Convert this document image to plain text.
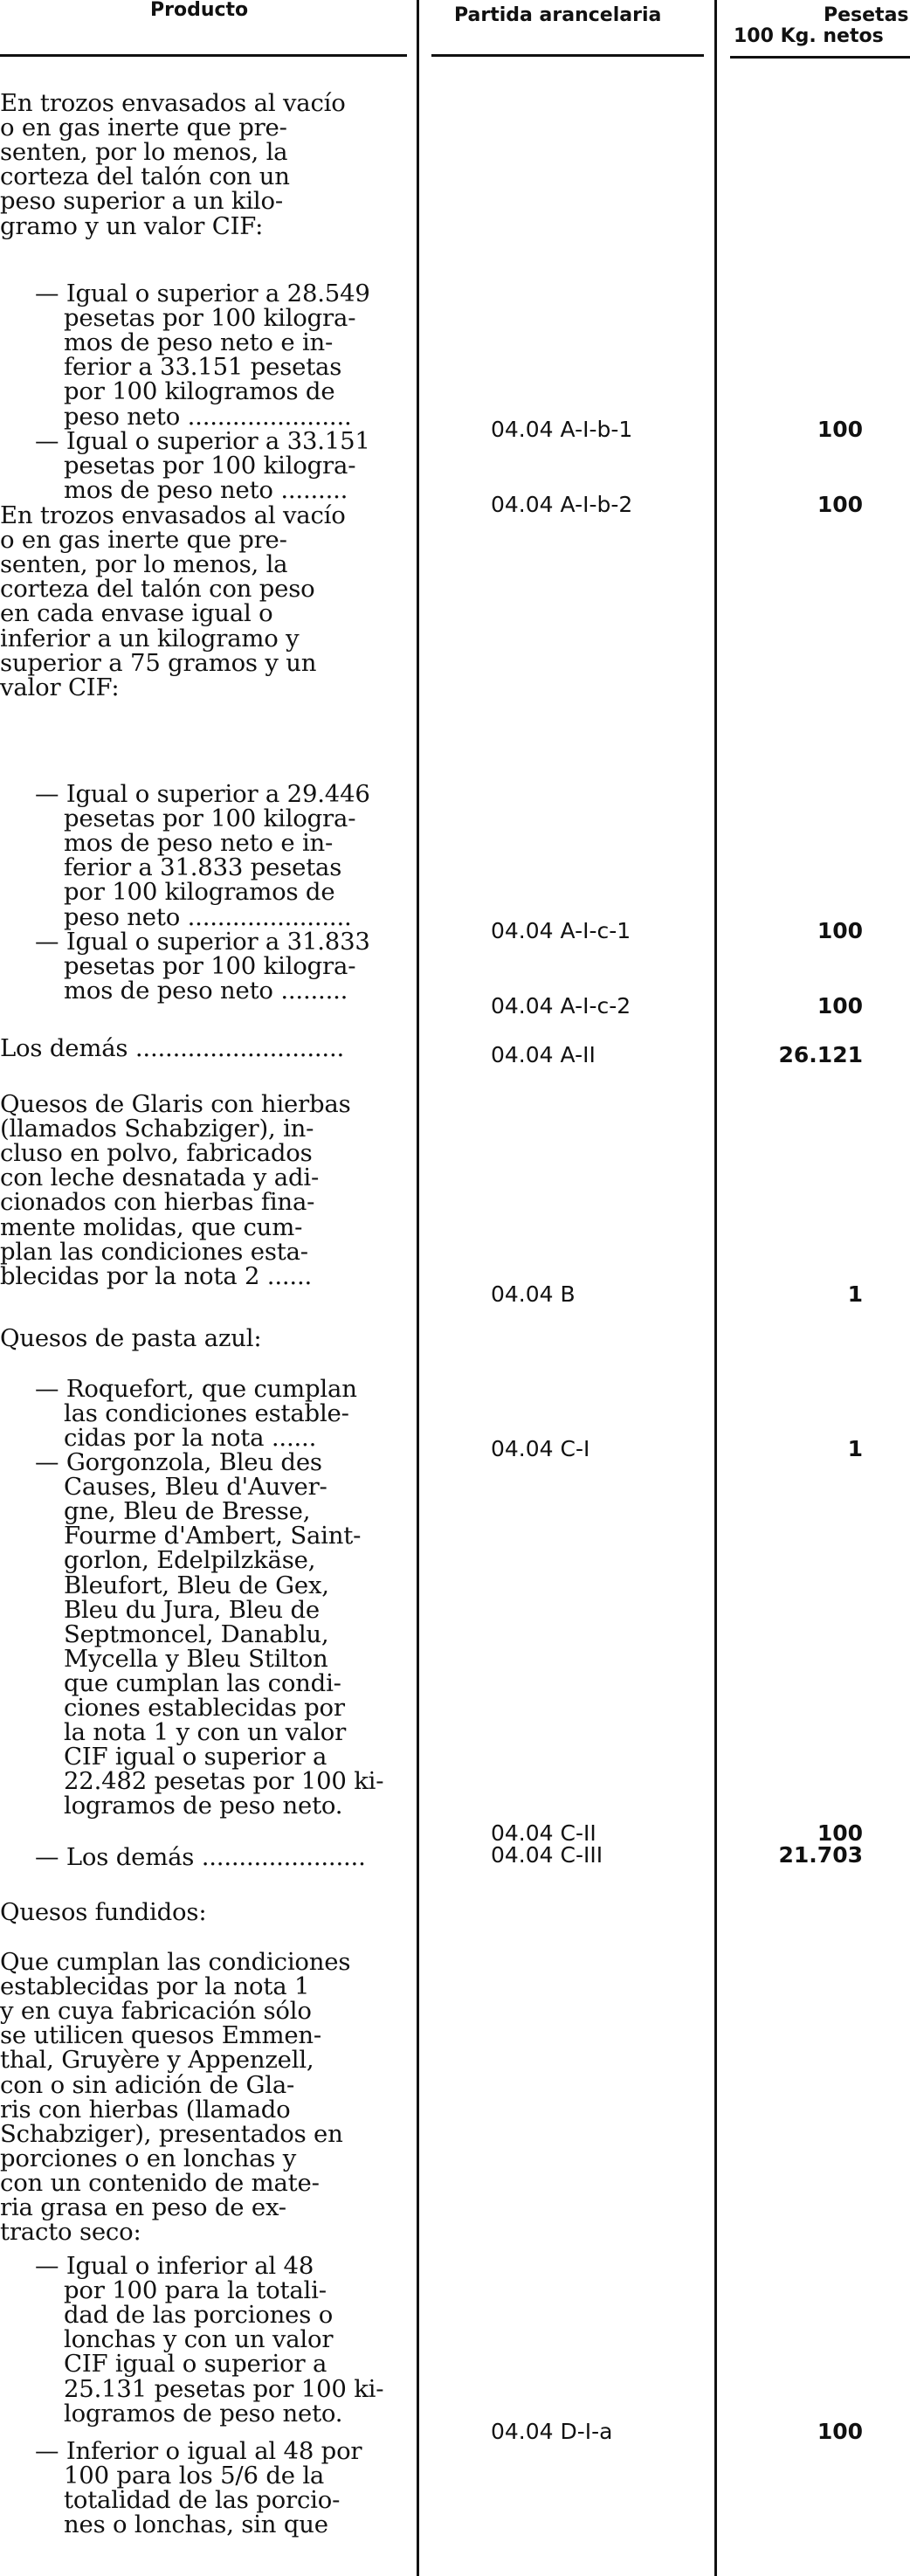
Producto	Partida arancelaria	Pesetas
100 Kg. netos
En trozos envasados al vacío
o en gas inerte que pre-
senten, por lo menos, la
corteza del talón con un
peso superior a un kilo-
gramo y un valor CIF:
— Igual o superior a 28.549
pesetas por 100 kilogra-
mos de peso neto e in-
ferior a 33.151 pesetas
por 100 kilogramos de
peso neto ......................	04.04 A-I-b-1	100
— Igual o superior a 33.151
pesetas por 100 kilogra-
mos de peso neto .........
04.04 A-I-b-2	100
En trozos envasados al vacío
o en gas inerte que pre-
senten, por lo menos, la
corteza del talón con peso
en cada envase igual o
inferior a un kilogramo y
superior a 75 gramos y un
valor CIF:
— Igual o superior a 29.446
pesetas por 100 kilogra-
mos de peso neto e in-
ferior a 31.833 pesetas
por 100 kilogramos de
peso neto ......................	04.04 A-I-c-1	100
— Igual o superior a 31.833
pesetas por 100 kilogra-
mos de peso neto .........
04.04 A-I-c-2	100
Los demás ............................	04.04 A-II	26.121
Quesos de Glaris con hierbas
(llamados Schabziger), in-
cluso en polvo, fabricados
con leche desnatada y adi-
cionados con hierbas fina-
mente molidas, que cum-
plan las condiciones esta-
blecidas por la nota 2 ......
04.04 B	1
Quesos de pasta azul:
— Roquefort, que cumplan
las condiciones estable-
cidas por la nota ......	04.04 C-I	1
— Gorgonzola, Bleu des
Causes, Bleu d'Auver-
gne, Bleu de Bresse,
Fourme d'Ambert, Saint-
gorlon, Edelpilzkäse,
Bleufort, Bleu de Gex,
Bleu du Jura, Bleu de
Septmoncel, Danablu,
Mycella y Bleu Stilton
que cumplan las condi-
ciones establecidas por
la nota 1 y con un valor
CIF igual o superior a
22.482 pesetas por 100 ki-
logramos de peso neto.
04.04 C-II	100
— Los demás ......................	04.04 C-III	21.703
Quesos fundidos:
Que cumplan las condiciones
establecidas por la nota 1
y en cuya fabricación sólo
se utilicen quesos Emmen-
thal, Gruyère y Appenzell,
con o sin adición de Gla-
ris con hierbas (llamado
Schabziger), presentados en
porciones o en lonchas y
con un contenido de mate-
ria grasa en peso de ex-
tracto seco:
— Igual o inferior al 48
por 100 para la totali-
dad de las porciones o
lonchas y con un valor
CIF igual o superior a
25.131 pesetas por 100 ki-
logramos de peso neto.
04.04 D-I-a	100
— Inferior o igual al 48 por
100 para los 5/6 de la
totalidad de las porcio-
nes o lonchas, sin que
